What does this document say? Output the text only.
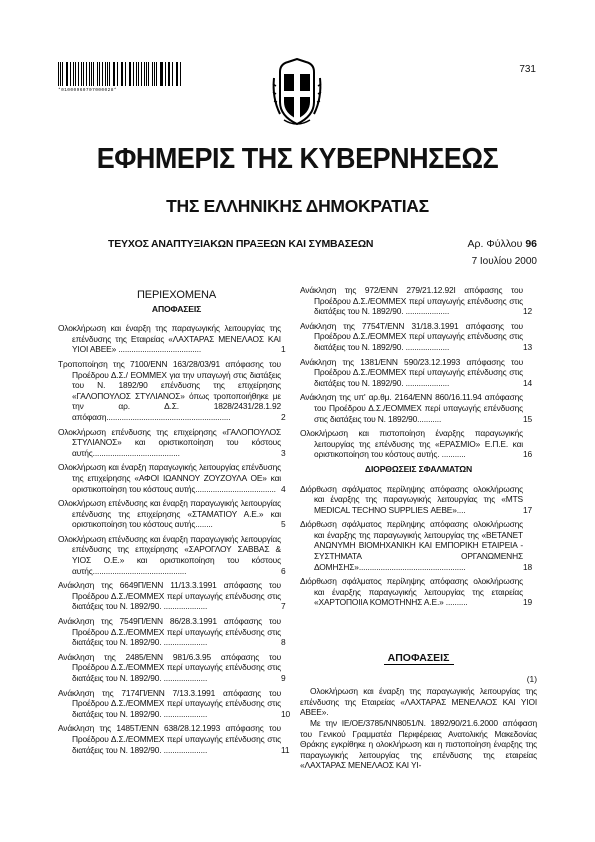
*01000960707000028*
731
ΕΦΗΜΕΡΙΣ ΤΗΣ ΚΥΒΕΡΝΗΣΕΩΣ
ΤΗΣ ΕΛΛΗΝΙΚΗΣ ΔΗΜΟΚΡΑΤΙΑΣ
ΤΕΥΧΟΣ ΑΝΑΠΤΥΞΙΑΚΩΝ ΠΡΑΞΕΩΝ ΚΑΙ ΣΥΜΒΑΣΕΩΝ	Αρ. Φύλλου 96
7 Ιουλίου 2000
ΠΕΡΙΕΧΟΜΕΝΑ
ΑΠΟΦΑΣΕΙΣ
Ολοκλήρωση και έναρξη της παραγωγικής λειτουργίας της επένδυσης της Εταιρείας «ΛΑΧΤΑΡΑΣ ΜΕΝΕΛΑΟΣ ΚΑΙ ΥΙΟΙ ΑΒΕΕ» ......................................	1
Τροποποίηση της 7100/ΕΝΝ 163/28/03/91 απόφασης του Προέδρου Δ.Σ./ ΕΟΜΜΕΧ για την υπαγωγή στις διατάξεις του Ν. 1892/90 επένδυσης της επιχείρησης «ΓΑΛΟΠΟΥΛΟΣ ΣΤΥΛΙΑΝΟΣ» όπως τροποποιήθηκε με την αρ. Δ.Σ. 1828/2431/28.1.92 απόφαση.........................................................	2
Ολοκλήρωση επένδυσης της επιχείρησης «ΓΑΛΟΠΟΥΛΟΣ ΣΤΥΛΙΑΝΟΣ» και οριστικοποίηση του κόστους αυτής........................................	3
Ολοκλήρωση και έναρξη παραγωγικής λειτουργίας επένδυσης της επιχείρησης «ΑΦΟΙ ΙΩΑΝΝΟΥ ΖΟΥΖΟΥΛΑ ΟΕ» και οριστικοποίηση του κόστους αυτής..................................... 4
Ολοκλήρωση επένδυσης και έναρξη παραγωγικής λειτουργίας επένδυσης της επιχείρησης «ΣΤΑΜΑΤΙΟΥ Α.Ε.» και οριστικοποίηση του κόστους αυτής........	5
Ολοκλήρωση επένδυσης και έναρξη παραγωγικής λειτουργίας επένδυσης της επιχείρησης «ΣΑΡΟΓΛΟΥ ΣΑΒΒΑΣ & ΥΙΟΣ Ο.Ε.» και οριστικοποίηση του κόστους αυτής...........................................	6
Ανάκληση της 6649Π/ΕΝΝ 11/13.3.1991 απόφασης του Προέδρου Δ.Σ./ΕΟΜΜΕΧ περί υπαγωγής επένδυσης στις διατάξεις του Ν. 1892/90. ....................	7
Ανάκληση της 7549Π/ΕΝΝ 86/28.3.1991 απόφασης του Προέδρου Δ.Σ./ΕΟΜΜΕΧ περί υπαγωγής επένδυσης στις διατάξεις του Ν. 1892/90. ....................	8
Ανάκληση της 2485/ΕΝΝ 981/6.3.95 απόφασης του Προέδρου Δ.Σ./ΕΟΜΜΕΧ περί υπαγωγής επένδυσης στις διατάξεις του Ν. 1892/90. ....................	9
Ανάκληση της 7174Π/ΕΝΝ 7/13.3.1991 απόφασης του Προέδρου Δ.Σ./ΕΟΜΜΕΧ περί υπαγωγής επένδυσης στις διατάξεις του Ν. 1892/90. ....................	10
Ανάκληση της 1485Τ/ΕΝΝ 638/28.12.1993 απόφασης του Προέδρου Δ.Σ./ΕΟΜΜΕΧ περί υπαγωγής επένδυσης στις διατάξεις του Ν. 1892/90. ....................	11
Ανάκληση της 972/ΕΝΝ 279/21.12.92Ι απόφασης του Προέδρου Δ.Σ./ΕΟΜΜΕΧ περί υπαγωγής επένδυσης στις διατάξεις του Ν. 1892/90. ....................	12
Ανάκληση της 7754Τ/ΕΝΝ 31/18.3.1991 απόφασης του Προέδρου Δ.Σ./ΕΟΜΜΕΧ περί υπαγωγής επένδυσης στις διατάξεις του Ν. 1892/90. ....................	13
Ανάκληση της 1381/ΕΝΝ 590/23.12.1993 απόφασης του Προέδρου Δ.Σ./ΕΟΜΜΕΧ περί υπαγωγής επένδυσης στις διατάξεις του Ν. 1892/90. ....................	14
Ανάκληση της υπ' αρ.θμ. 2164/ΕΝΝ 860/16.11.94 απόφασης του Προέδρου Δ.Σ./ΕΟΜΜΕΧ περί υπαγωγής επένδυσης στις διατάξεις του Ν. 1892/90...........	15
Ολοκλήρωση και πιστοποίηση έναρξης παραγωγικής λειτουργίας της επένδυσης της «ΕΡΑΣΜΙΟ» Ε.Π.Ε. και οριστικοποίηση του κόστους αυτής. ...........	16
ΔΙΟΡΘΩΣΕΙΣ ΣΦΑΛΜΑΤΩΝ
Διόρθωση σφάλματος περίληψης απόφασης ολοκλήρωσης και έναρξης της παραγωγικής λειτουργίας της «MTS MEDICAL TECHNO SUPPLIES ΑΕΒΕ»....	17
Διόρθωση σφάλματος περίληψης απόφασης ολοκλήρωσης και έναρξης της παραγωγικής λειτουργίας της «ΒΕΤΑΝΕΤ ΑΝΩΝΥΜΗ ΒΙΟΜΗΧΑΝΙΚΗ ΚΑΙ ΕΜΠΟΡΙΚΗ ΕΤΑΙΡΕΙΑ - ΣΥΣΤΗΜΑΤΑ ΟΡΓΑΝΩΜΕΝΗΣ ΔΟΜΗΣΗΣ».................................................	18
Διόρθωση σφάλματος περίληψης απόφασης ολοκλήρωσης και έναρξης παραγωγικής λειτουργίας της εταιρείας «ΧΑΡΤΟΠΟΙΙΑ ΚΟΜΟΤΗΝΗΣ Α.Ε.» ..........	19
ΑΠΟΦΑΣΕΙΣ
(1)
Ολοκλήρωση και έναρξη της παραγωγικής λειτουργίας της επένδυσης της Εταιρείας «ΛΑΧΤΑΡΑΣ ΜΕΝΕΛΑΟΣ ΚΑΙ ΥΙΟΙ ΑΒΕΕ».
Με την ΙΕ/ΟΕ/3785/ΝΝ8051/Ν. 1892/90/21.6.2000 απόφαση του Γενικού Γραμματέα Περιφέρειας Ανατολικής Μακεδονίας Θράκης εγκρίθηκε η ολοκλήρωση και η πιστοποίηση έναρξης της παραγωγικής λειτουργίας της επένδυσης της εταιρείας «ΛΑΧΤΑΡΑΣ ΜΕΝΕΛΑΟΣ ΚΑΙ ΥΙ-
